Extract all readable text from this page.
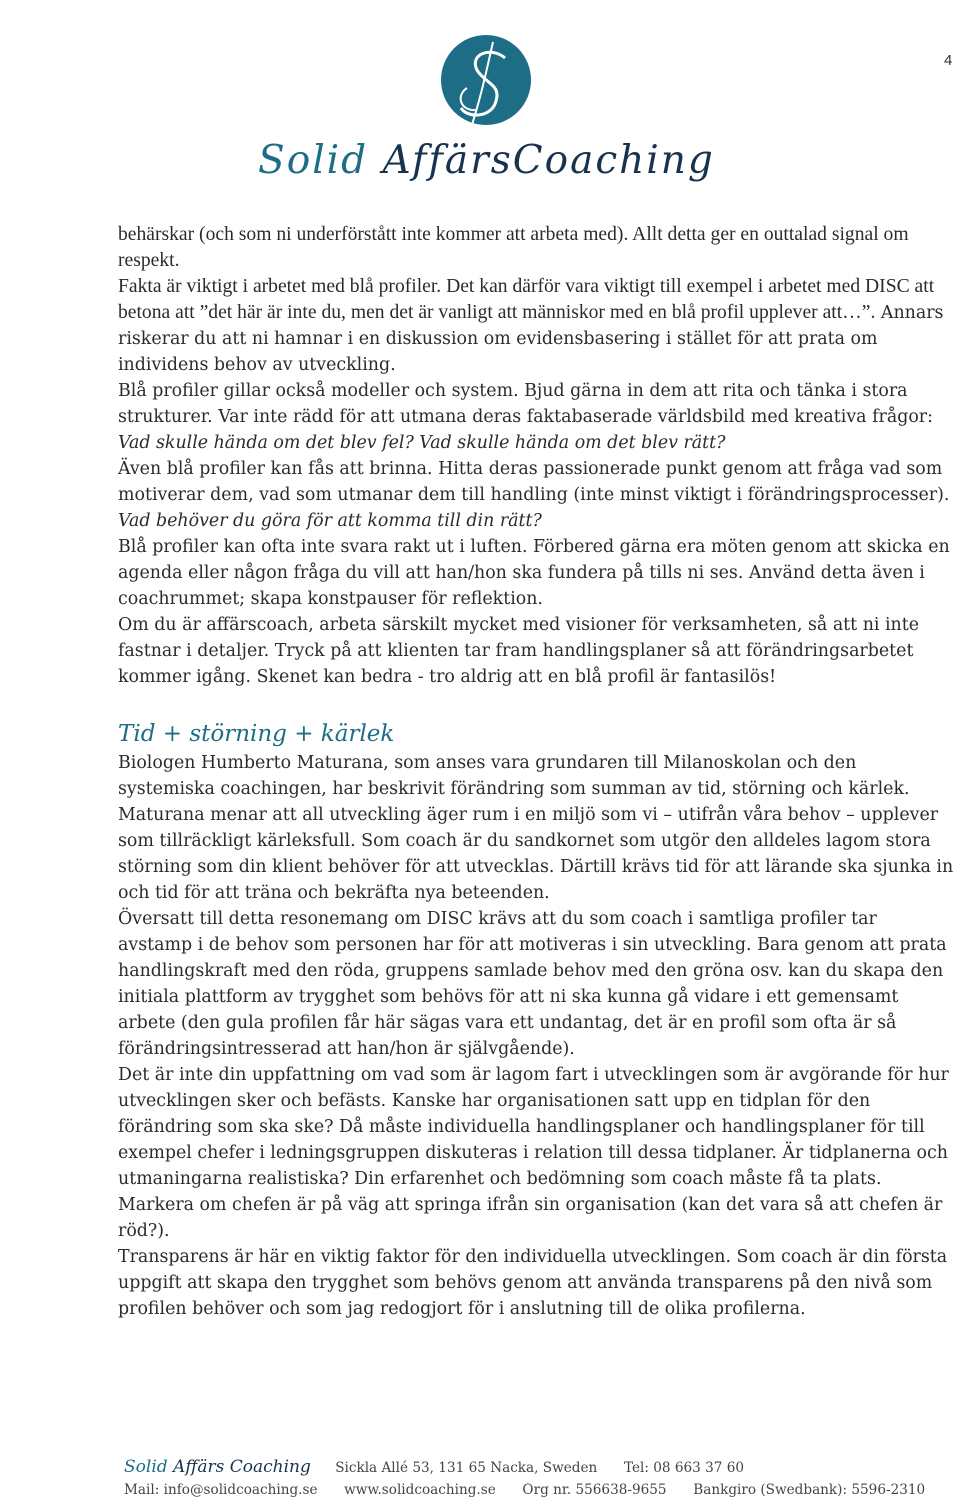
4
Solid AffärsCoaching

behärskar (och som ni underförstått inte kommer att arbeta med). Allt detta ger en outtalad signal om respekt.

Fakta är viktigt i arbetet med blå profiler. Det kan därför vara viktigt till exempel i arbetet med DISC att betona att ”det här är inte du, men det är vanligt att människor med en blå profil upplever att…”. Annars riskerar du att ni hamnar i en diskussion om evidensbasering i stället för att prata om individens behov av utveckling.

Blå profiler gillar också modeller och system. Bjud gärna in dem att rita och tänka i stora strukturer. Var inte rädd för att utmana deras faktabaserade världsbild med kreativa frågor: Vad skulle hända om det blev fel? Vad skulle hända om det blev rätt?

Även blå profiler kan fås att brinna. Hitta deras passionerade punkt genom att fråga vad som motiverar dem, vad som utmanar dem till handling (inte minst viktigt i förändringsprocesser). Vad behöver du göra för att komma till din rätt?

Blå profiler kan ofta inte svara rakt ut i luften. Förbered gärna era möten genom att skicka en agenda eller någon fråga du vill att han/hon ska fundera på tills ni ses. Använd detta även i coachrummet; skapa konstpauser för reflektion.

Om du är affärscoach, arbeta särskilt mycket med visioner för verksamheten, så att ni inte fastnar i detaljer. Tryck på att klienten tar fram handlingsplaner så att förändringsarbetet kommer igång. Skenet kan bedra - tro aldrig att en blå profil är fantasilös!

Tid + störning + kärlek

Biologen Humberto Maturana, som anses vara grundaren till Milanoskolan och den systemiska coachingen, har beskrivit förändring som summan av tid, störning och kärlek.

Maturana menar att all utveckling äger rum i en miljö som vi – utifrån våra behov – upplever som tillräckligt kärleksfull. Som coach är du sandkornet som utgör den alldeles lagom stora störning som din klient behöver för att utvecklas. Därtill krävs tid för att lärande ska sjunka in och tid för att träna och bekräfta nya beteenden.

Översatt till detta resonemang om DISC krävs att du som coach i samtliga profiler tar avstamp i de behov som personen har för att motiveras i sin utveckling. Bara genom att prata handlingskraft med den röda, gruppens samlade behov med den gröna osv. kan du skapa den initiala plattform av trygghet som behövs för att ni ska kunna gå vidare i ett gemensamt arbete (den gula profilen får här sägas vara ett undantag, det är en profil som ofta är så förändringsintresserad att han/hon är självgående).

Det är inte din uppfattning om vad som är lagom fart i utvecklingen som är avgörande för hur utvecklingen sker och befästs. Kanske har organisationen satt upp en tidplan för den förändring som ska ske? Då måste individuella handlingsplaner och handlingsplaner för till exempel chefer i ledningsgruppen diskuteras i relation till dessa tidplaner. Är tidplanerna och utmaningarna realistiska? Din erfarenhet och bedömning som coach måste få ta plats. Markera om chefen är på väg att springa ifrån sin organisation (kan det vara så att chefen är röd?).

Transparens är här en viktig faktor för den individuella utvecklingen. Som coach är din första uppgift att skapa den trygghet som behövs genom att använda transparens på den nivå som profilen behöver och som jag redogjort för i anslutning till de olika profilerna.

Solid Affärs Coaching Sickla Allé 53, 131 65 Nacka, Sweden Tel: 08 663 37 60
Mail: info@solidcoaching.se www.solidcoaching.se Org nr. 556638-9655 Bankgiro (Swedbank): 5596-2310
